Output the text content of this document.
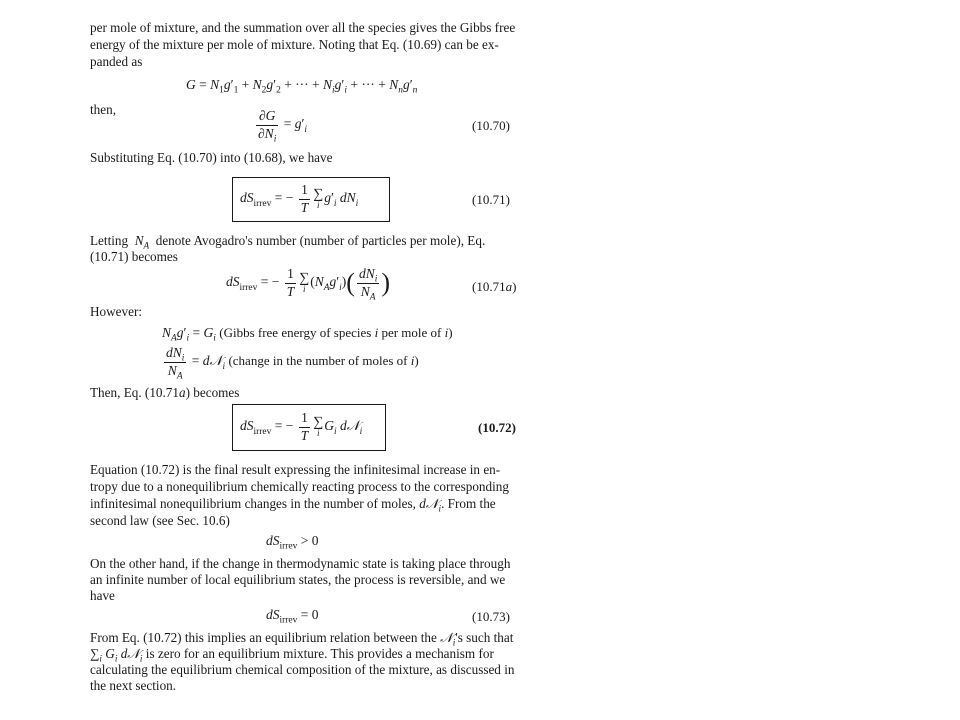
per mole of mixture, and the summation over all the species gives the Gibbs free
energy of the mixture per mole of mixture. Noting that Eq. (10.69) can be ex-
panded as
$G = N_1g'_1 + N_2g'_2$ + ··· + $N_ig'_i$ + ··· + $N_ng'_n$
then,	$\frac{\partial G}{\partial N_i} = g'_i$	(10.70)
Substituting Eq. (10.70) into (10.68), we have
$dS_{irrev}$ = − $\frac{1}{T}$ ∑
i $g'_i$ $dN_i$	(10.71)
Letting $N_A$ denote Avogadro's number (number of particles per mole), Eq.
(10.71) becomes
$dS_{irrev}$ = − $\frac{1}{T}$ ∑
i $(N_Ag'_i)( \frac{dN_i}{N_A}$ )	(10.71a)
However:
$N_Ag'_i = G_i$ (Gibbs free energy of species i per mole of i)
$\frac{dN_i}{N_A}$ = d𝒩$_i$ (change in the number of moles of i)
Then, Eq. (10.71a) becomes
$dS_{irrev}$ = − $\frac{1}{T}$ ∑
i $G_i$ d𝒩$_i$	(10.72)
Equation (10.72) is the final result expressing the infinitesimal increase in en-
tropy due to a nonequilibrium chemically reacting process to the corresponding
infinitesimal nonequilibrium changes in the number of moles, d𝒩$_i$. From the
second law (see Sec. 10.6)
$dS_{irrev} > 0$
On the other hand, if the change in thermodynamic state is taking place through
an infinite number of local equilibrium states, the process is reversible, and we
have
$dS_{irrev} = 0$	(10.73)
From Eq. (10.72) this implies an equilibrium relation between the 𝒩$_i$'s such that
$\sum_i$ $G_i$ d𝒩$_i$ is zero for an equilibrium mixture. This provides a mechanism for
calculating the equilibrium chemical composition of the mixture, as discussed in
the next section.
